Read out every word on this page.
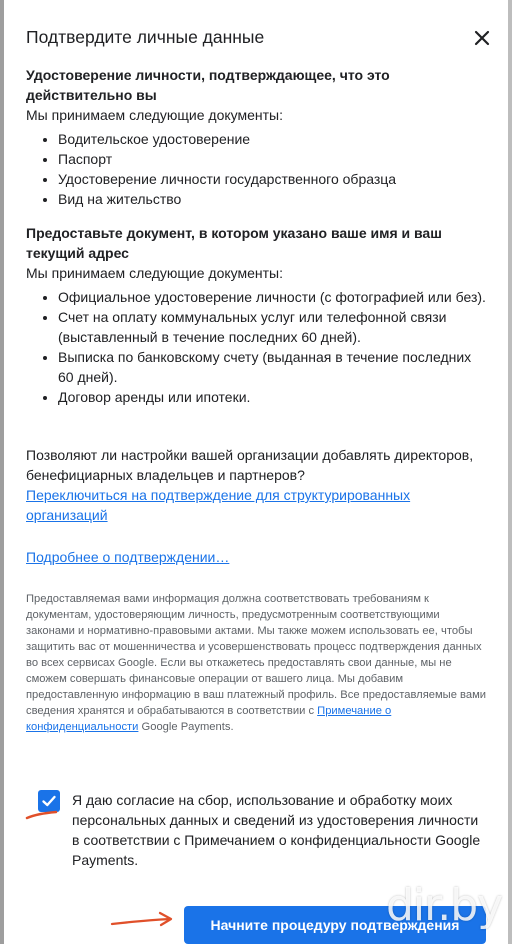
Подтвердите личные данные

Удостоверение личности, подтверждающее, что это действительно вы

Мы принимаем следующие документы:

• Водительское удостоверение
• Паспорт
• Удостоверение личности государственного образца
• Вид на жительство

Предоставьте документ, в котором указано ваше имя и ваш текущий адрес

Мы принимаем следующие документы:

• Официальное удостоверение личности (с фотографией или без).
• Счет на оплату коммунальных услуг или телефонной связи (выставленный в течение последних 60 дней).
• Выписка по банковскому счету (выданная в течение последних 60 дней).
• Договор аренды или ипотеки.

Позволяют ли настройки вашей организации добавлять директоров, бенефициарных владельцев и партнеров?

Переключиться на подтверждение для структурированных организаций
Подробнее о подтверждении…
Предоставляемая вами информация должна соответствовать требованиям к документам, удостоверяющим личность, предусмотренным соответствующими законами и нормативно-правовыми актами. Мы также можем использовать ее, чтобы защитить вас от мошенничества и усовершенствовать процесс подтверждения данных во всех сервисах Google. Если вы откажетесь предоставлять свои данные, мы не сможем совершать финансовые операции от вашего лица. Мы добавим предоставленную информацию в ваш платежный профиль. Все предоставляемые вами сведения хранятся и обрабатываются в соответствии с Примечание о конфиденциальности Google Payments.
Я даю согласие на сбор, использование и обработку моих персональных данных и сведений из удостоверения личности в соответствии с Примечанием о конфиденциальности Google Payments.
Начните процедуру подтверждения
dir.by
